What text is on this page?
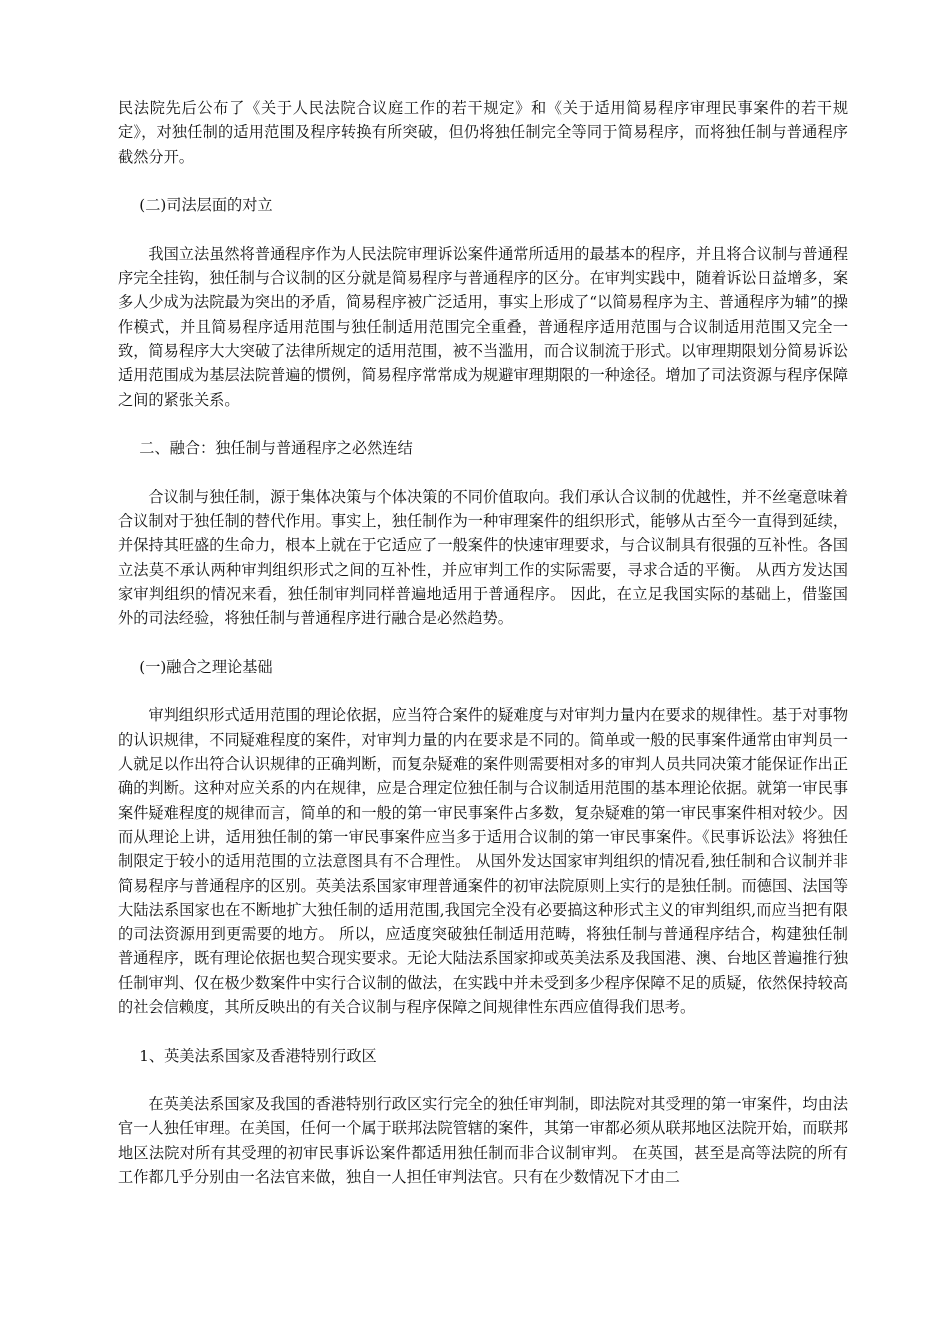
民法院先后公布了《关于人民法院合议庭工作的若干规定》和《关于适用简易程序审理民事案件的若干规定》，对独任制的适用范围及程序转换有所突破，但仍将独任制完全等同于简易程序，而将独任制与普通程序截然分开。

(二)司法层面的对立

我国立法虽然将普通程序作为人民法院审理诉讼案件通常所适用的最基本的程序，并且将合议制与普通程序完全挂钩，独任制与合议制的区分就是简易程序与普通程序的区分。在审判实践中，随着诉讼日益增多，案多人少成为法院最为突出的矛盾，简易程序被广泛适用，事实上形成了“以简易程序为主、普通程序为辅”的操作模式，并且简易程序适用范围与独任制适用范围完全重叠，普通程序适用范围与合议制适用范围又完全一致，简易程序大大突破了法律所规定的适用范围，被不当滥用，而合议制流于形式。以审理期限划分简易诉讼适用范围成为基层法院普遍的惯例，简易程序常常成为规避审理期限的一种途径。增加了司法资源与程序保障之间的紧张关系。

二、融合：独任制与普通程序之必然连结

合议制与独任制，源于集体决策与个体决策的不同价值取向。我们承认合议制的优越性，并不丝毫意味着合议制对于独任制的替代作用。事实上，独任制作为一种审理案件的组织形式，能够从古至今一直得到延续，并保持其旺盛的生命力，根本上就在于它适应了一般案件的快速审理要求，与合议制具有很强的互补性。各国立法莫不承认两种审判组织形式之间的互补性，并应审判工作的实际需要，寻求合适的平衡。 从西方发达国家审判组织的情况来看，独任制审判同样普遍地适用于普通程序。 因此，在立足我国实际的基础上，借鉴国外的司法经验，将独任制与普通程序进行融合是必然趋势。

(一)融合之理论基础

审判组织形式适用范围的理论依据，应当符合案件的疑难度与对审判力量内在要求的规律性。基于对事物的认识规律，不同疑难程度的案件，对审判力量的内在要求是不同的。简单或一般的民事案件通常由审判员一人就足以作出符合认识规律的正确判断，而复杂疑难的案件则需要相对多的审判人员共同决策才能保证作出正确的判断。这种对应关系的内在规律，应是合理定位独任制与合议制适用范围的基本理论依据。就第一审民事案件疑难程度的规律而言，简单的和一般的第一审民事案件占多数，复杂疑难的第一审民事案件相对较少。因而从理论上讲，适用独任制的第一审民事案件应当多于适用合议制的第一审民事案件。《民事诉讼法》将独任制限定于较小的适用范围的立法意图具有不合理性。 从国外发达国家审判组织的情况看,独任制和合议制并非简易程序与普通程序的区别。英美法系国家审理普通案件的初审法院原则上实行的是独任制。而德国、法国等大陆法系国家也在不断地扩大独任制的适用范围,我国完全没有必要搞这种形式主义的审判组织,而应当把有限的司法资源用到更需要的地方。 所以，应适度突破独任制适用范畴，将独任制与普通程序结合，构建独任制普通程序，既有理论依据也契合现实要求。无论大陆法系国家抑或英美法系及我国港、澳、台地区普遍推行独任制审判、仅在极少数案件中实行合议制的做法，在实践中并未受到多少程序保障不足的质疑，依然保持较高的社会信赖度，其所反映出的有关合议制与程序保障之间规律性东西应值得我们思考。

1、英美法系国家及香港特别行政区

在英美法系国家及我国的香港特别行政区实行完全的独任审判制，即法院对其受理的第一审案件，均由法官一人独任审理。在美国，任何一个属于联邦法院管辖的案件，其第一审都必须从联邦地区法院开始，而联邦地区法院对所有其受理的初审民事诉讼案件都适用独任制而非合议制审判。 在英国，甚至是高等法院的所有工作都几乎分别由一名法官来做，独自一人担任审判法官。只有在少数情况下才由二
